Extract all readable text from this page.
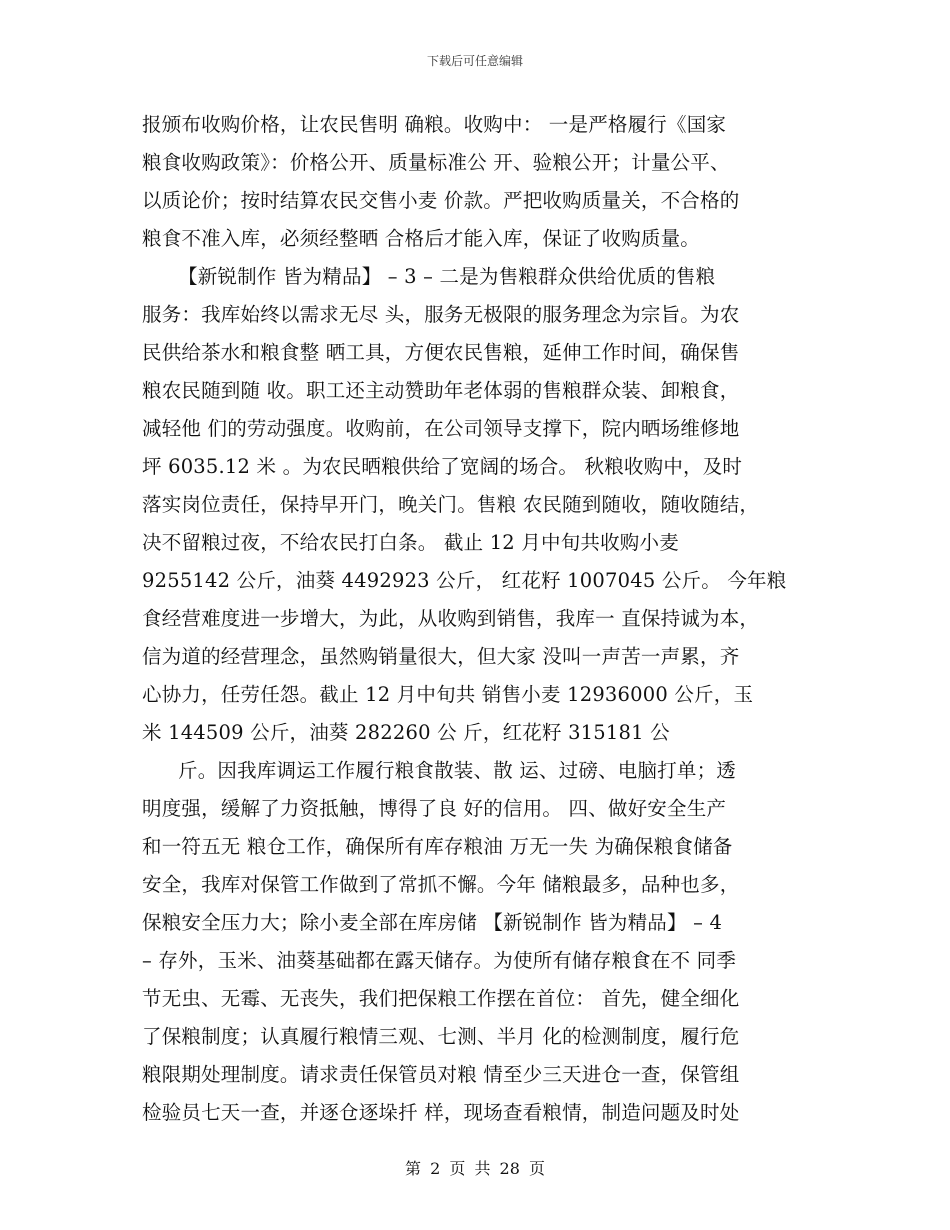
下载后可任意编辑
报颁布收购价格，让农民售明 确粮。收购中： 一是严格履行《国家
粮食收购政策》：价格公开、质量标准公 开、验粮公开；计量公平、
以质论价；按时结算农民交售小麦 价款。严把收购质量关，不合格的
粮食不准入库，必须经整晒 合格后才能入库，保证了收购质量。
【新锐制作 皆为精品】 – 3 – 二是为售粮群众供给优质的售粮
服务：我库始终以需求无尽 头，服务无极限的服务理念为宗旨。为农
民供给茶水和粮食整 晒工具，方便农民售粮，延伸工作时间，确保售
粮农民随到随 收。职工还主动赞助年老体弱的售粮群众装、卸粮食，
减轻他 们的劳动强度。收购前，在公司领导支撑下，院内晒场维修地
坪 6035.12 米 。为农民晒粮供给了宽阔的场合。 秋粮收购中，及时
落实岗位责任，保持早开门，晚关门。售粮 农民随到随收，随收随结，
决不留粮过夜，不给农民打白条。 截止 12 月中旬共收购小麦
9255142 公斤，油葵 4492923 公斤， 红花籽 1007045 公斤。 今年粮
食经营难度进一步增大，为此，从收购到销售，我库一 直保持诚为本，
信为道的经营理念，虽然购销量很大，但大家 没叫一声苦一声累，齐
心协力，任劳任怨。截止 12 月中旬共 销售小麦 12936000 公斤，玉
米 144509 公斤，油葵 282260 公 斤，红花籽 315181 公
斤。因我库调运工作履行粮食散装、散 运、过磅、电脑打单；透
明度强，缓解了力资抵触，博得了良 好的信用。 四、做好安全生产
和一符五无 粮仓工作，确保所有库存粮油 万无一失 为确保粮食储备
安全，我库对保管工作做到了常抓不懈。今年 储粮最多，品种也多，
保粮安全压力大；除小麦全部在库房储 【新锐制作 皆为精品】 – 4
– 存外，玉米、油葵基础都在露天储存。为使所有储存粮食在不 同季
节无虫、无霉、无丧失，我们把保粮工作摆在首位： 首先，健全细化
了保粮制度；认真履行粮情三观、七测、半月 化的检测制度，履行危
粮限期处理制度。请求责任保管员对粮 情至少三天进仓一查，保管组
检验员七天一查，并逐仓逐垛扦 样，现场查看粮情，制造问题及时处
第 2 页 共 28 页
